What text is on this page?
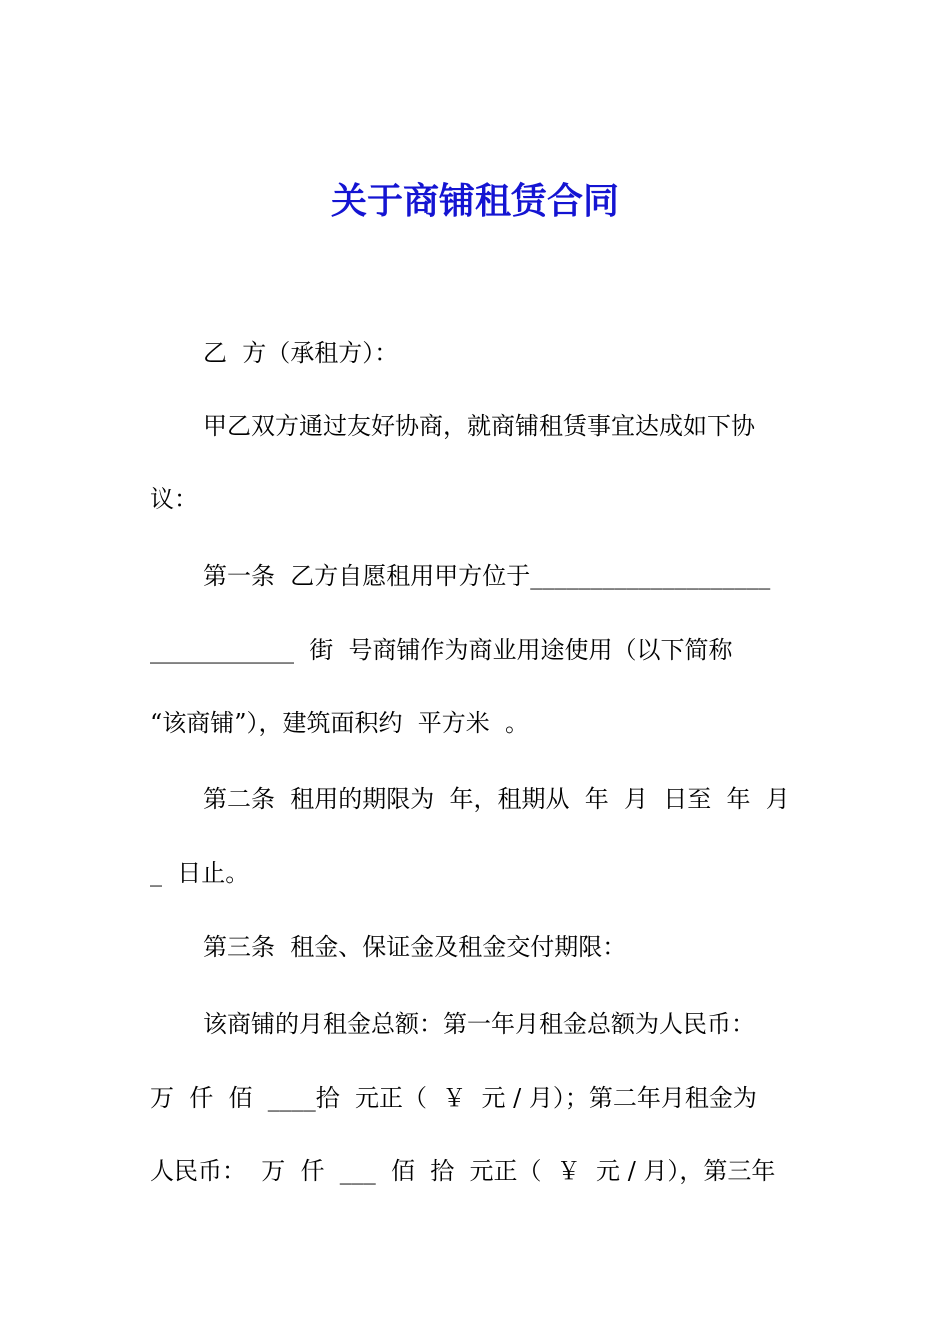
关于商铺租赁合同

乙  方（承租方）：

甲乙双方通过友好协商，就商铺租赁事宜达成如下协

议：

第一条  乙方自愿租用甲方位于____________________

____________  街  号商铺作为商业用途使用（以下简称

“该商铺”），建筑面积约  平方米  。

第二条  租用的期限为  年，租期从  年  月  日至  年  月

_  日止。

第三条  租金、保证金及租金交付期限：

该商铺的月租金总额：第一年月租金总额为人民币：

万  仟  佰  ____拾  元正（  ￥  元 / 月）；第二年月租金为

人民币：  万  仟  ___  佰  拾  元正（  ￥  元 / 月），第三年
